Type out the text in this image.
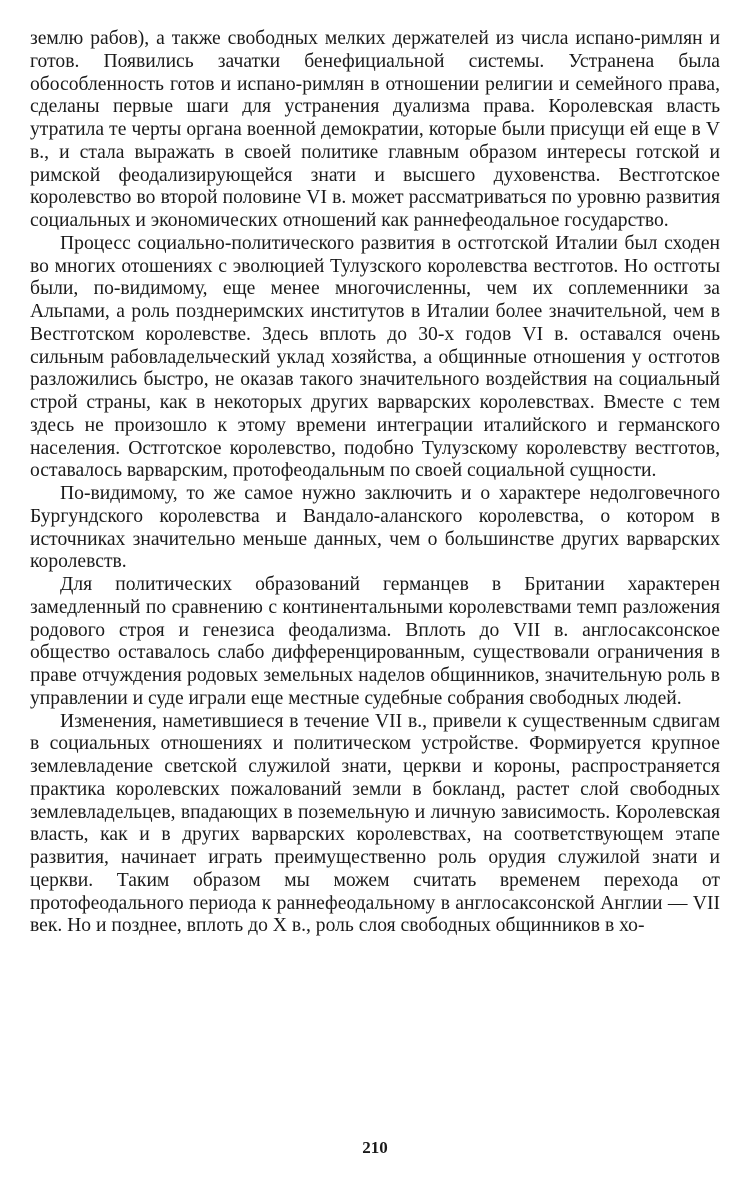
землю рабов), а также свободных мелких держателей из числа испано-римлян и готов. Появились зачатки бенефициальной системы. Устранена была обособленность готов и испано-римлян в отношении религии и семейного права, сделаны первые шаги для устранения дуализма права. Королевская власть утратила те черты органа военной демократии, которые были присущи ей еще в V в., и стала выражать в своей политике главным образом интересы готской и римской феодализирующейся знати и высшего духовенства. Вестготское королевство во второй половине VI в. может рассматриваться по уровню развития социальных и экономических отношений как раннефеодальное государство.

Процесс социально-политического развития в остготской Италии был сходен во многих отошениях с эволюцией Тулузского королевства вестготов. Но остготы были, по-видимому, еще менее многочисленны, чем их соплеменники за Альпами, а роль позднеримских институтов в Италии более значительной, чем в Вестготском королевстве. Здесь вплоть до 30-х годов VI в. оставался очень сильным рабовладельческий уклад хозяйства, а общинные отношения у остготов разложились быстро, не оказав такого значительного воздействия на социальный строй страны, как в некоторых других варварских королевствах. Вместе с тем здесь не произошло к этому времени интеграции италийского и германского населения. Остготское королевство, подобно Тулузскому королевству вестготов, оставалось варварским, протофеодальным по своей социальной сущности.

По-видимому, то же самое нужно заключить и о характере недолговечного Бургундского королевства и Вандало-аланского королевства, о котором в источниках значительно меньше данных, чем о большинстве других варварских королевств.

Для политических образований германцев в Британии характерен замедленный по сравнению с континентальными королевствами темп разложения родового строя и генезиса феодализма. Вплоть до VII в. англосаксонское общество оставалось слабо дифференцированным, существовали ограничения в праве отчуждения родовых земельных наделов общинников, значительную роль в управлении и суде играли еще местные судебные собрания свободных людей.

Изменения, наметившиеся в течение VII в., привели к существенным сдвигам в социальных отношениях и политическом устройстве. Формируется крупное землевладение светской служилой знати, церкви и короны, распространяется практика королевских пожалований земли в бокланд, растет слой свободных землевладельцев, впадающих в поземельную и личную зависимость. Королевская власть, как и в других варварских королевствах, на соответствующем этапе развития, начинает играть преимущественно роль орудия служилой знати и церкви. Таким образом мы можем считать временем перехода от протофеодального периода к раннефеодальному в англосаксонской Англии — VII век. Но и позднее, вплоть до X в., роль слоя свободных общинников в хо-

210
